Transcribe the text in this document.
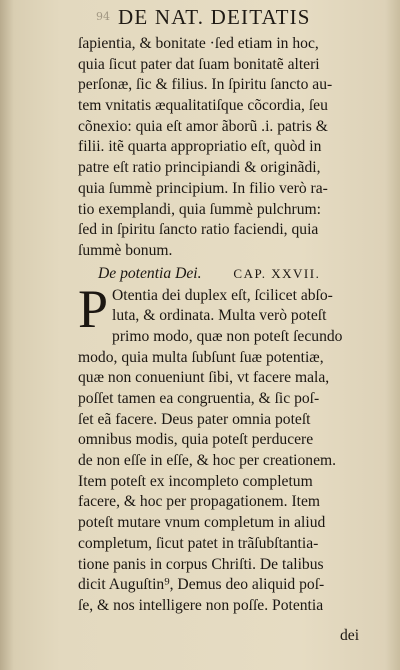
94 DE NAT. DEITATIS
ſapientia, & bonitate ·ſed etiam in hoc,
quia ſicut pater dat ſuam bonitatẽ alteri
perſonæ, ſic & filius. In ſpiritu ſancto au-
tem vnitatis æqualitatiſque cõcordia, ſeu
cõnexio: quia eſt amor ãborũ .i. patris &
filii. itẽ quarta appropriatio eſt, quòd in
patre eſt ratio principiandi & originãdi,
quia ſummè principium. In filio verò ra-
tio exemplandi, quia ſummè pulchrum:
ſed in ſpiritu ſancto ratio faciendi, quia
ſummè bonum.
De potentia Dei. CAP. XXVII.
P Otentia dei duplex eſt, ſcilicet abſo-
luta, & ordinata. Multa verò poteſt
primo modo, quæ non poteſt ſecundo
modo, quia multa ſubſunt ſuæ potentiæ,
quæ non conueniunt ſibi, vt facere mala,
poſſet tamen ea congruentia, & ſic poſ-
ſet eã facere. Deus pater omnia poteſt
omnibus modis, quia poteſt perducere
de non eſſe in eſſe, & hoc per creationem.
Item poteſt ex incompleto completum
facere, & hoc per propagationem. Item
poteſt mutare vnum completum in aliud
completum, ſicut patet in trãſubſtantia-
tione panis in corpus Chriſti. De talibus
dicit Auguſtin⁹, Demus deo aliquid poſ-
ſe, & nos intelligere non poſſe. Potentia
dei
